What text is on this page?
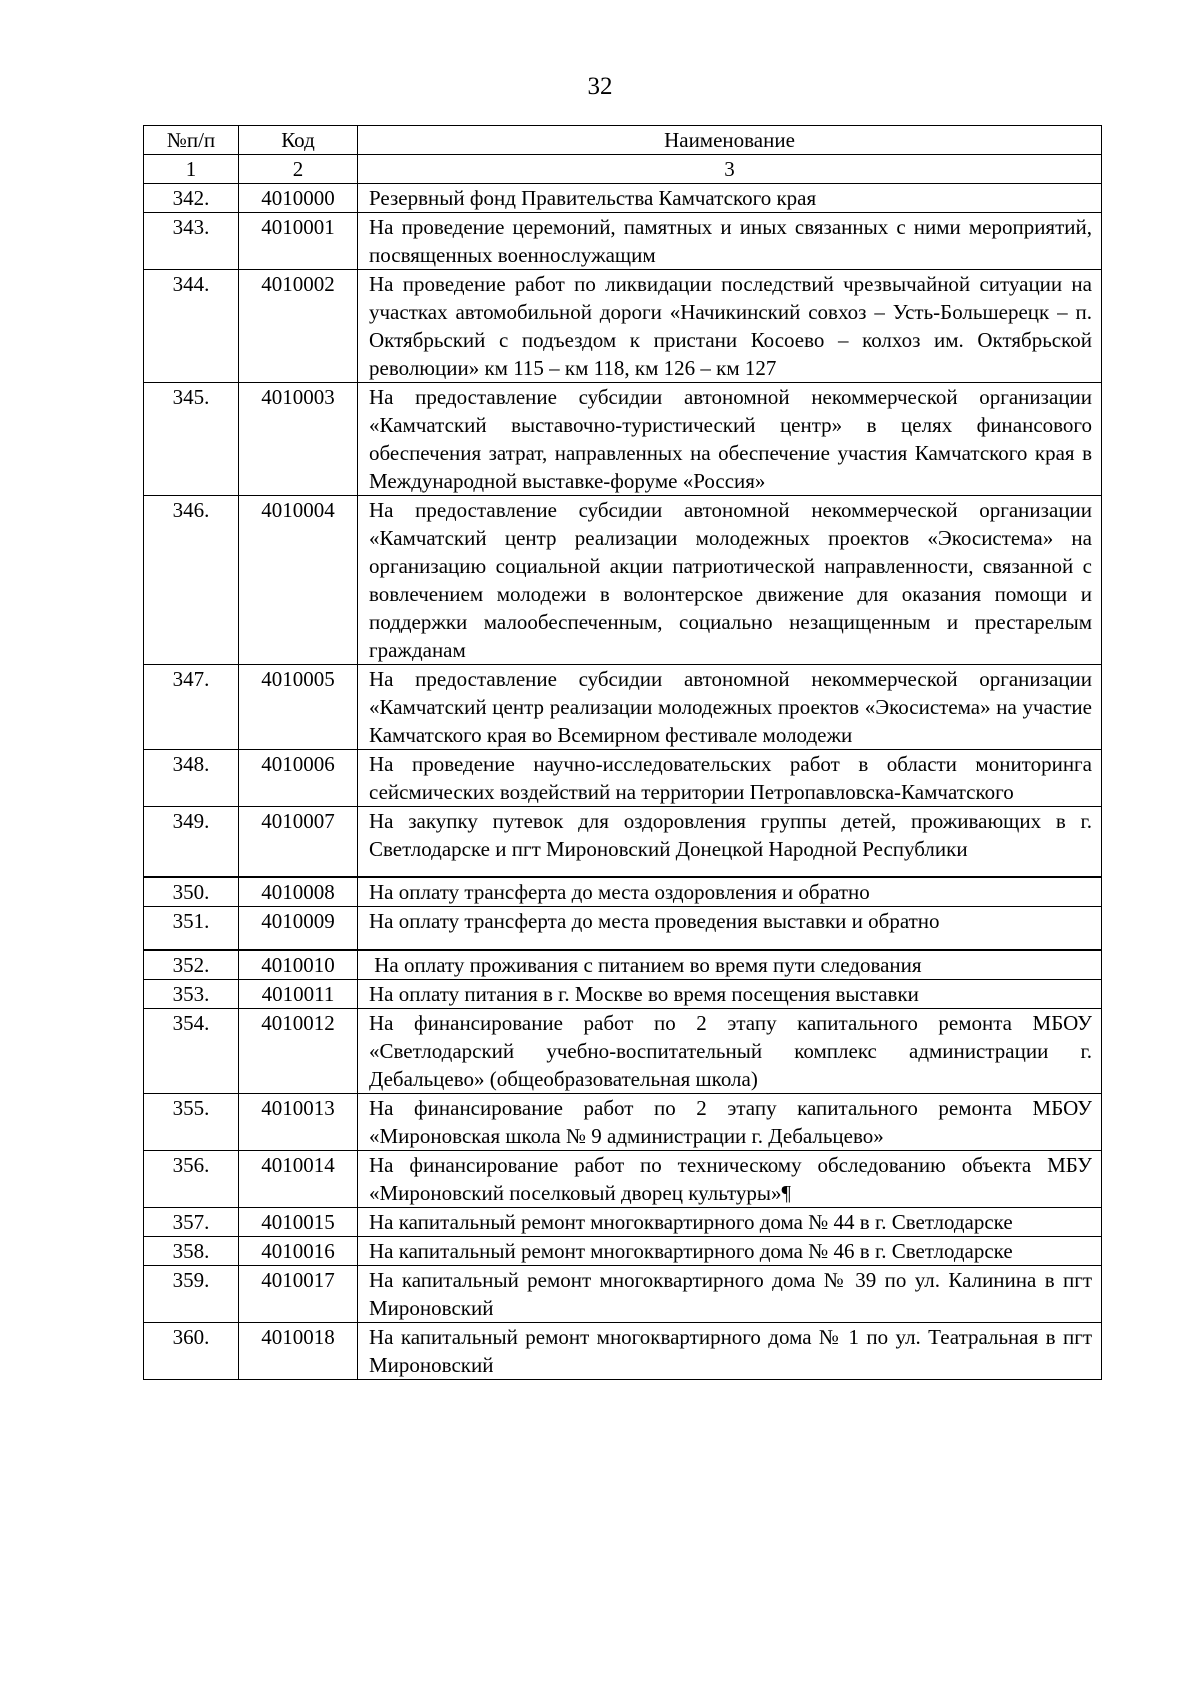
32
№п/п	Код	Наименование
1	2	3
342.	4010000	Резервный фонд Правительства Камчатского края
343.	4010001	На проведение церемоний, памятных и иных связанных с ними мероприятий, посвященных военнослужащим
344.	4010002	На проведение работ по ликвидации последствий чрезвычайной ситуации на участках автомобильной дороги «Начикинский совхоз – Усть-Большерецк – п. Октябрьский с подъездом к пристани Косоево – колхоз им. Октябрьской революции» км 115 – км 118, км 126 – км 127
345.	4010003	На предоставление субсидии автономной некоммерческой организации «Камчатский выставочно-туристический центр» в целях финансового обеспечения затрат, направленных на обеспечение участия Камчатского края в Международной выставке-форуме «Россия»
346.	4010004	На предоставление субсидии автономной некоммерческой организации «Камчатский центр реализации молодежных проектов «Экосистема» на организацию социальной акции патриотической направленности, связанной с вовлечением молодежи в волонтерское движение для оказания помощи и поддержки малообеспеченным, социально незащищенным и престарелым гражданам
347.	4010005	На предоставление субсидии автономной некоммерческой организации «Камчатский центр реализации молодежных проектов «Экосистема» на участие Камчатского края во Всемирном фестивале молодежи
348.	4010006	На проведение научно-исследовательских работ в области мониторинга сейсмических воздействий на территории Петропавловска-Камчатского
349.	4010007	На закупку путевок для оздоровления группы детей, проживающих в г. Светлодарске и пгт Мироновский Донецкой Народной Республики
350.	4010008	На оплату трансферта до места оздоровления и обратно
351.	4010009	На оплату трансферта до места проведения выставки и обратно
352.	4010010	На оплату проживания с питанием во время пути следования
353.	4010011	На оплату питания в г. Москве во время посещения выставки
354.	4010012	На финансирование работ по 2 этапу капитального ремонта МБОУ «Светлодарский учебно-воспитательный комплекс администрации г. Дебальцево» (общеобразовательная школа)
355.	4010013	На финансирование работ по 2 этапу капитального ремонта МБОУ «Мироновская школа № 9 администрации г. Дебальцево»
356.	4010014	На финансирование работ по техническому обследованию объекта МБУ «Мироновский поселковый дворец культуры»¶
357.	4010015	На капитальный ремонт многоквартирного дома № 44 в г. Светлодарске
358.	4010016	На капитальный ремонт многоквартирного дома № 46 в г. Светлодарске
359.	4010017	На капитальный ремонт многоквартирного дома № 39 по ул. Калинина в пгт Мироновский
360.	4010018	На капитальный ремонт многоквартирного дома № 1 по ул. Театральная в пгт Мироновский
